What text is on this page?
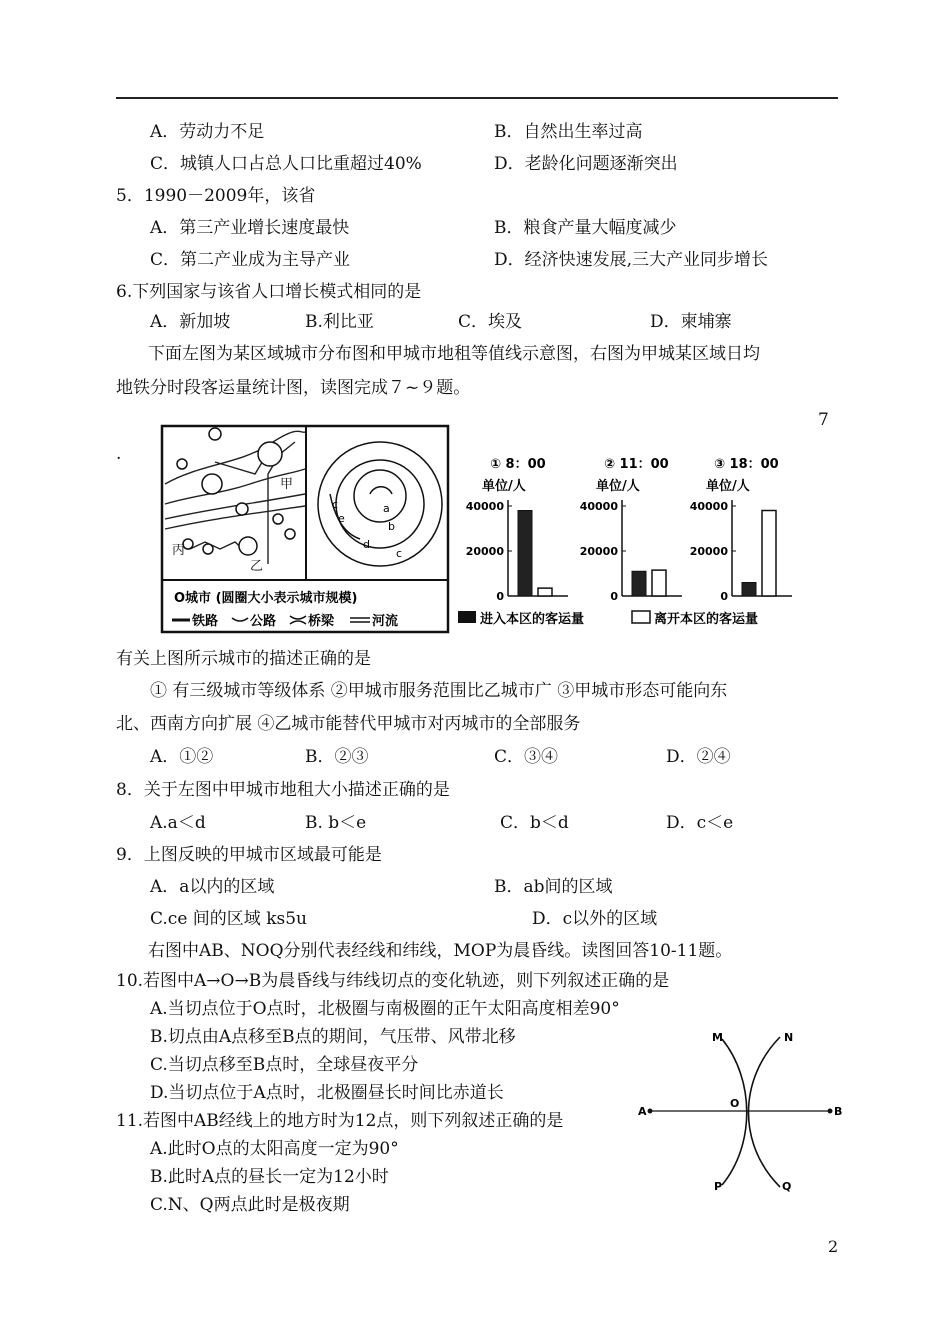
A．劳动力不足	B．自然出生率过高
C．城镇人口占总人口比重超过40%	D．老龄化问题逐渐突出
5．1990－2009年，该省
A．第三产业增长速度最快	B．粮食产量大幅度减少
C．第二产业成为主导产业	D．经济快速发展,三大产业同步增长
6.下列国家与该省人口增长模式相同的是
A．新加坡	B.利比亚	C．埃及	D．柬埔寨
下面左图为某区域城市分布图和甲城市地租等值线示意图，右图为甲城某区域日均
地铁分时段客运量统计图，读图完成７~９题。
7
.
甲
乙
丙
a
b
c
d
e
c
O城市 (圆圈大小表示城市规模)
铁路 公路 桥梁	河流
① 8：00
单位/人
40000
20000
0
② 11：00
单位/人
40000
20000
0
③ 18：00
单位/人
40000
20000
0
进入本区的客运量	离开本区的客运量
有关上图所示城市的描述正确的是
① 有三级城市等级体系 ②甲城市服务范围比乙城市广 ③甲城市形态可能向东
北、西南方向扩展 ④乙城市能替代甲城市对丙城市的全部服务
A．①②	B．②③	C．③④	D．②④
8．关于左图中甲城市地租大小描述正确的是
A.a＜d	B. b＜e	C．b＜d	D．c＜e
9．上图反映的甲城市区域最可能是
A．a以内的区域	B．ab间的区域
C.ce 间的区域 ks5u	D．c以外的区域
右图中AB、NOQ分别代表经线和纬线，MOP为晨昏线。读图回答10-11题。
10.若图中A→O→B为晨昏线与纬线切点的变化轨迹，则下列叙述正确的是
A.当切点位于O点时，北极圈与南极圈的正午太阳高度相差90°
B.切点由A点移至B点的期间，气压带、风带北移
C.当切点移至B点时，全球昼夜平分
D.当切点位于A点时，北极圈昼长时间比赤道长
11.若图中AB经线上的地方时为12点，则下列叙述正确的是
A.此时O点的太阳高度一定为90°
B.此时A点的昼长一定为12小时
C.N、Q两点此时是极夜期
M	N
A
O
B
P	Q
2
